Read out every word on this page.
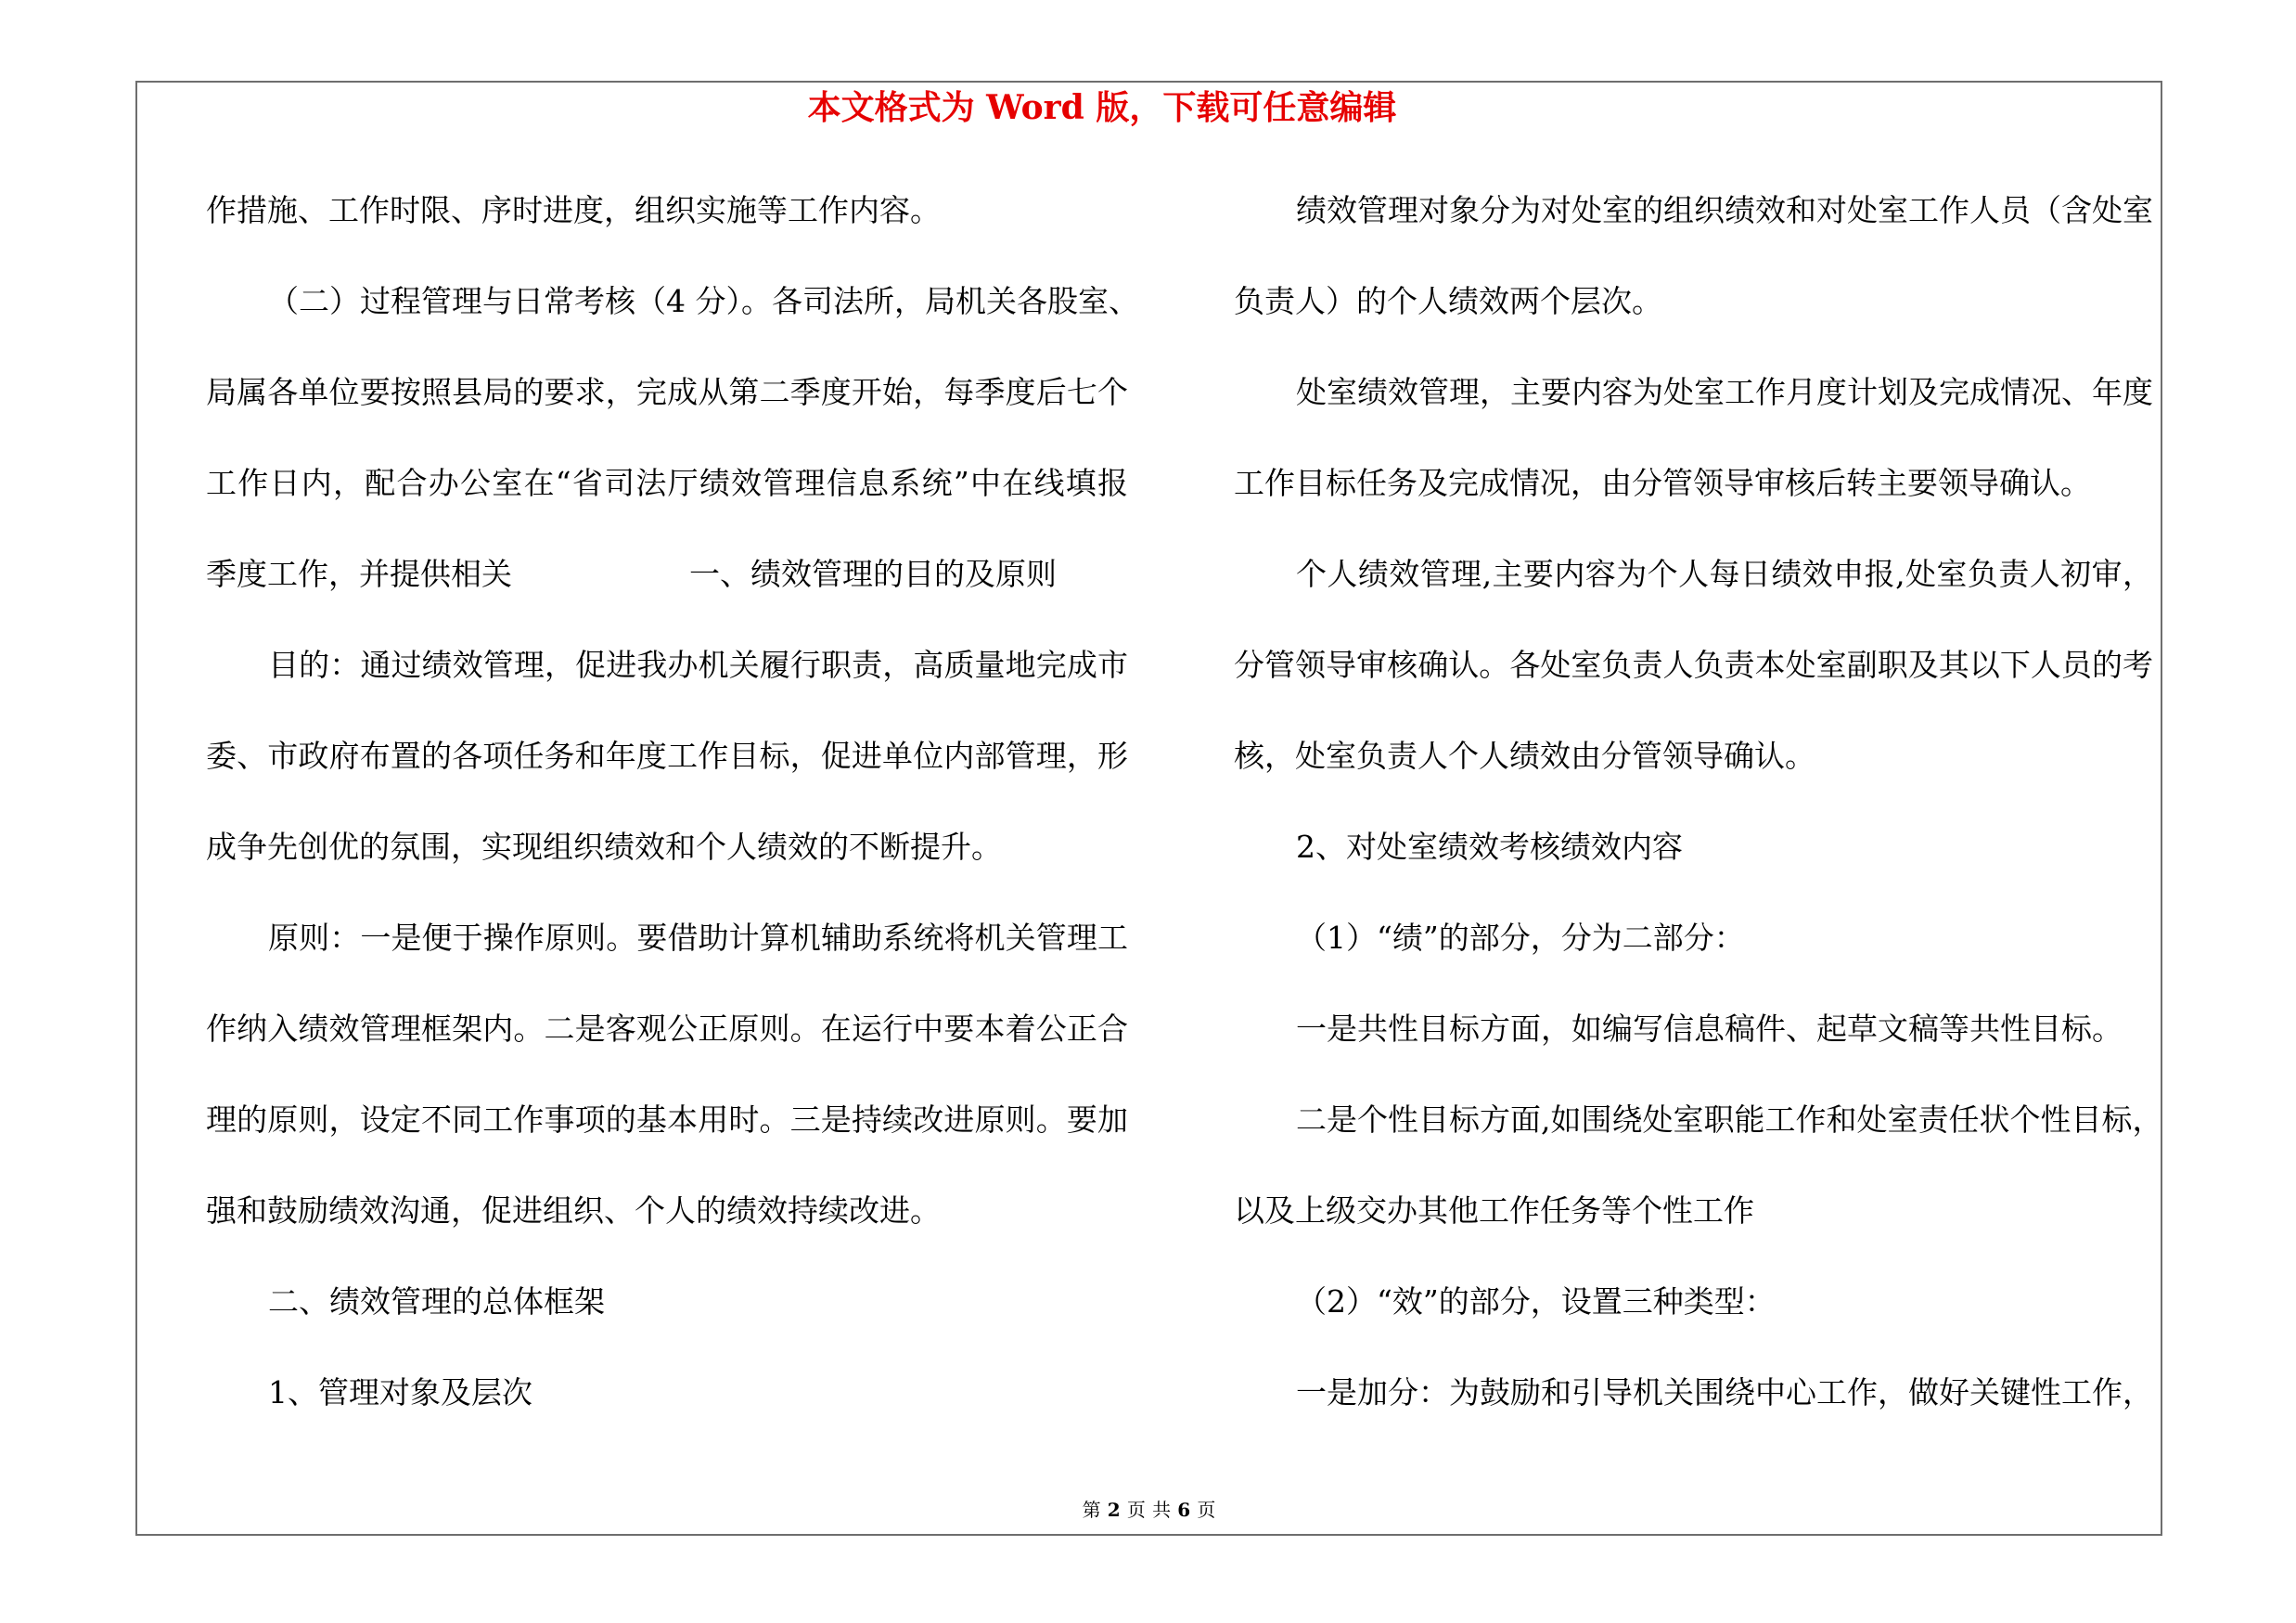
本文格式为 Word 版，下载可任意编辑
作措施、工作时限、序时进度，组织实施等工作内容。
（二）过程管理与日常考核（4 分）。各司法所，局机关各股室、
局属各单位要按照县局的要求，完成从第二季度开始，每季度后七个
工作日内，配合办公室在“省司法厅绩效管理信息系统”中在线填报
季度工作，并提供相关	一、绩效管理的目的及原则
目的：通过绩效管理，促进我办机关履行职责，高质量地完成市
委、市政府布置的各项任务和年度工作目标，促进单位内部管理，形
成争先创优的氛围，实现组织绩效和个人绩效的不断提升。
原则：一是便于操作原则。要借助计算机辅助系统将机关管理工
作纳入绩效管理框架内。二是客观公正原则。在运行中要本着公正合
理的原则，设定不同工作事项的基本用时。三是持续改进原则。要加
强和鼓励绩效沟通，促进组织、个人的绩效持续改进。
二、绩效管理的总体框架
1、管理对象及层次
绩效管理对象分为对处室的组织绩效和对处室工作人员（含处室
负责人）的个人绩效两个层次。
处室绩效管理，主要内容为处室工作月度计划及完成情况、年度
工作目标任务及完成情况，由分管领导审核后转主要领导确认。
个人绩效管理,主要内容为个人每日绩效申报,处室负责人初审，
分管领导审核确认。各处室负责人负责本处室副职及其以下人员的考
核，处室负责人个人绩效由分管领导确认。
2、对处室绩效考核绩效内容
（1）“绩”的部分，分为二部分：
一是共性目标方面，如编写信息稿件、起草文稿等共性目标。
二是个性目标方面,如围绕处室职能工作和处室责任状个性目标，
以及上级交办其他工作任务等个性工作
（2）“效”的部分，设置三种类型：
一是加分：为鼓励和引导机关围绕中心工作，做好关键性工作，
第 2 页 共 6 页
